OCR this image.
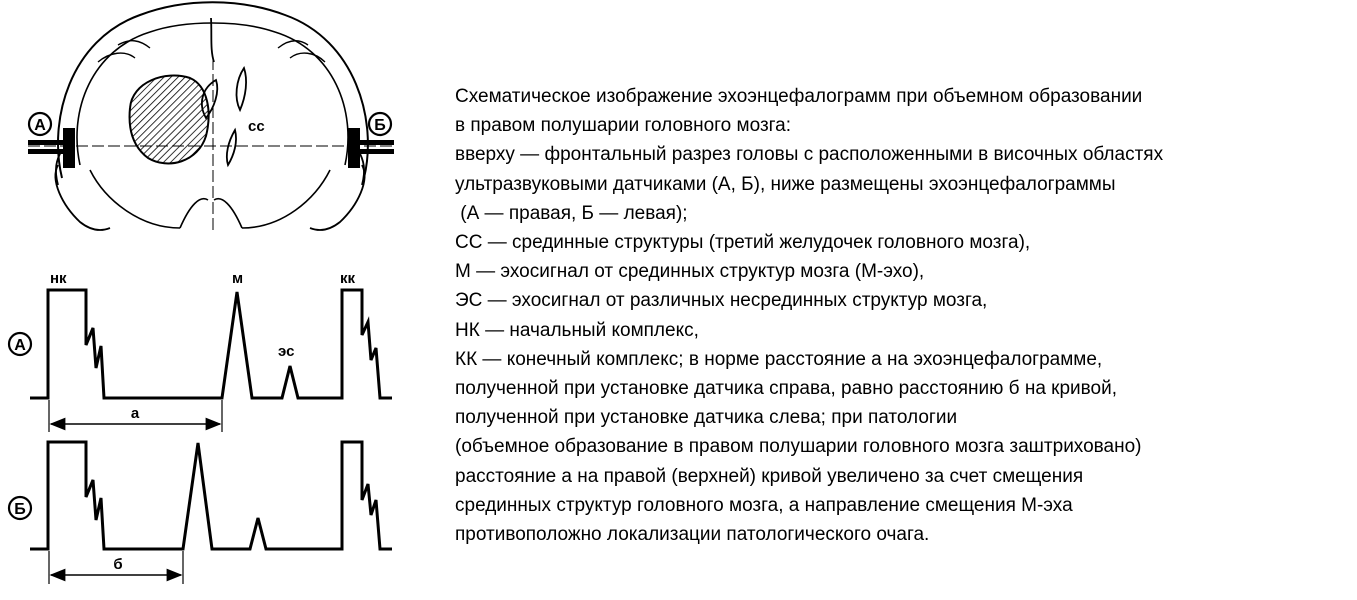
А	Б
сс
нк	м
эс
кк
А
а
Б
б
Схематическое изображение эхоэнцефалограмм при объемном образовании
в правом полушарии головного мозга:
вверху — фронтальный разрез головы с расположенными в височных областях
ультразвуковыми датчиками (А, Б), ниже размещены эхоэнцефалограммы
(А — правая, Б — левая);
СС — срединные структуры (третий желудочек головного мозга),
М — эхосигнал от срединных структур мозга (М-эхо),
ЭС — эхосигнал от различных несрединных структур мозга,
НК — начальный комплекс,
КК — конечный комплекс; в норме расстояние а на эхоэнцефалограмме,
полученной при установке датчика справа, равно расстоянию б на кривой,
полученной при установке датчика слева; при патологии
(объемное образование в правом полушарии головного мозга заштриховано)
расстояние а на правой (верхней) кривой увеличено за счет смещения
срединных структур головного мозга, а направление смещения М-эха
противоположно локализации патологического очага.
